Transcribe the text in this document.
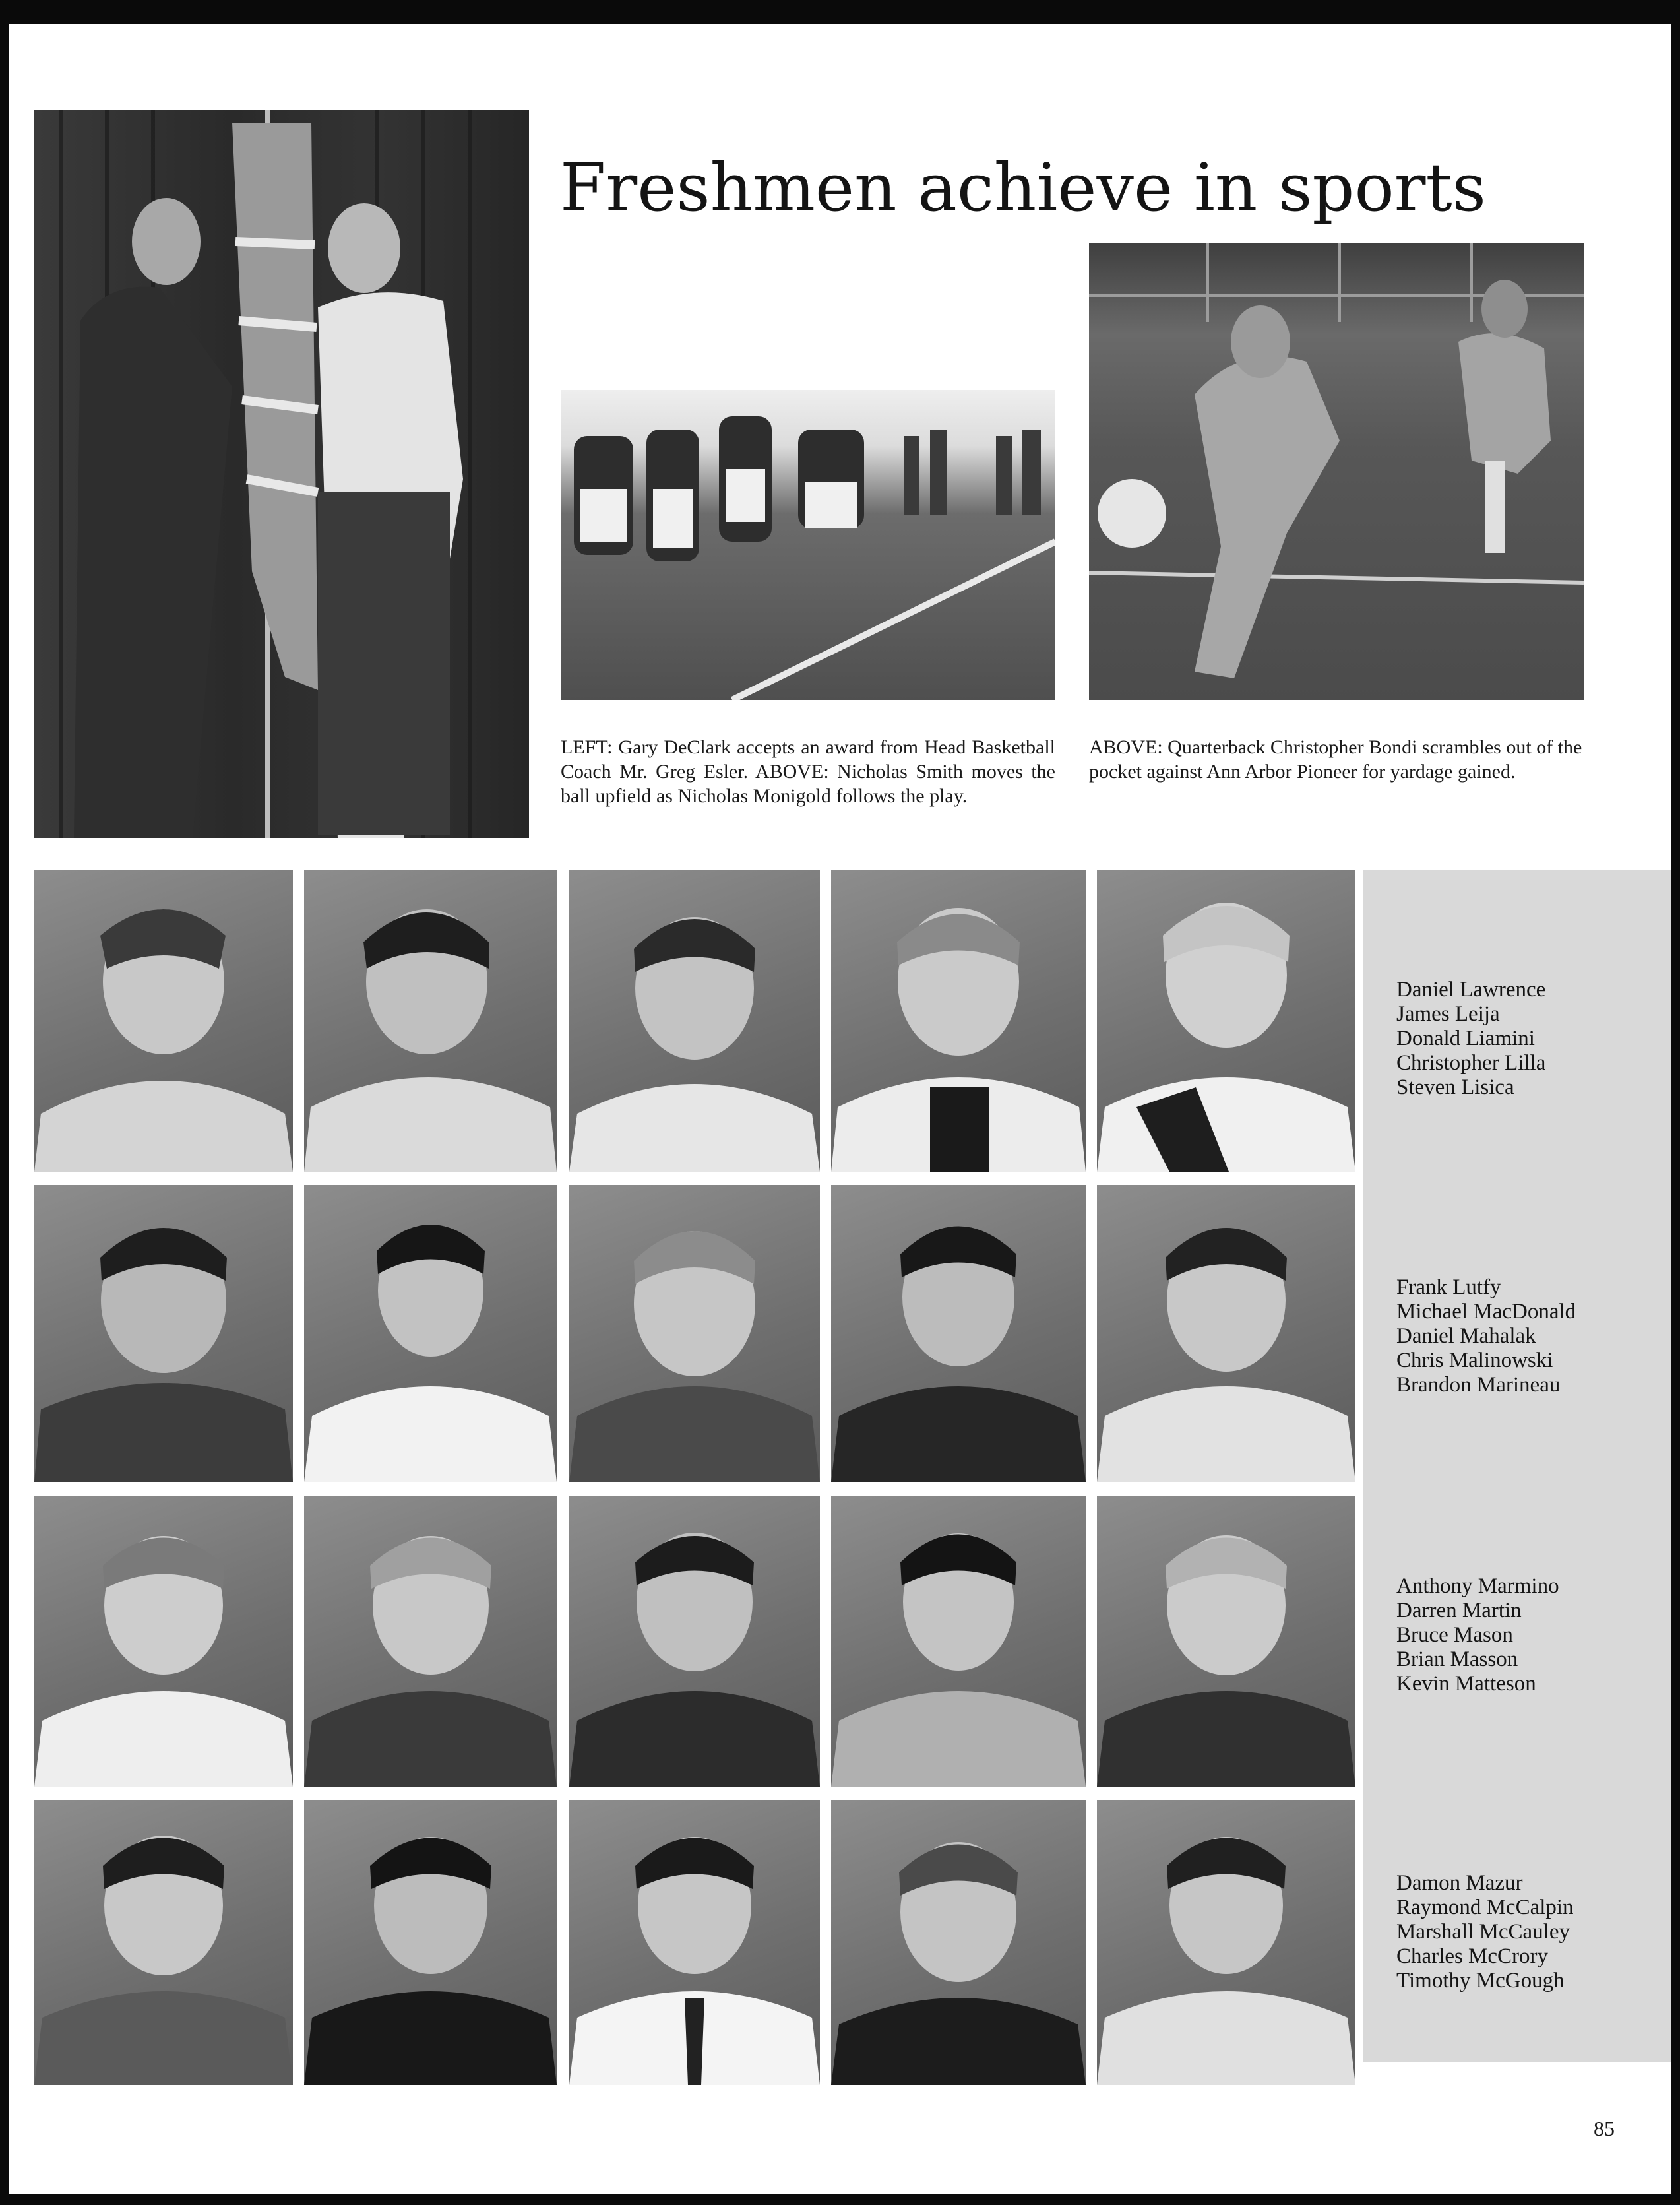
Freshmen achieve in sports
LEFT: Gary DeClark accepts an award from Head Basketball Coach Mr. Greg Esler. ABOVE: Nicholas Smith moves the ball upfield as Nicholas Monigold follows the play.
ABOVE: Quarterback Christopher Bondi scrambles out of the pocket against Ann Arbor Pioneer for yardage gained.
Daniel Lawrence
James Leija
Donald Liamini
Christopher Lilla
Steven Lisica
Frank Lutfy
Michael MacDonald
Daniel Mahalak
Chris Malinowski
Brandon Marineau
Anthony Marmino
Darren Martin
Bruce Mason
Brian Masson
Kevin Matteson
Damon Mazur
Raymond McCalpin
Marshall McCauley
Charles McCrory
Timothy McGough
85
